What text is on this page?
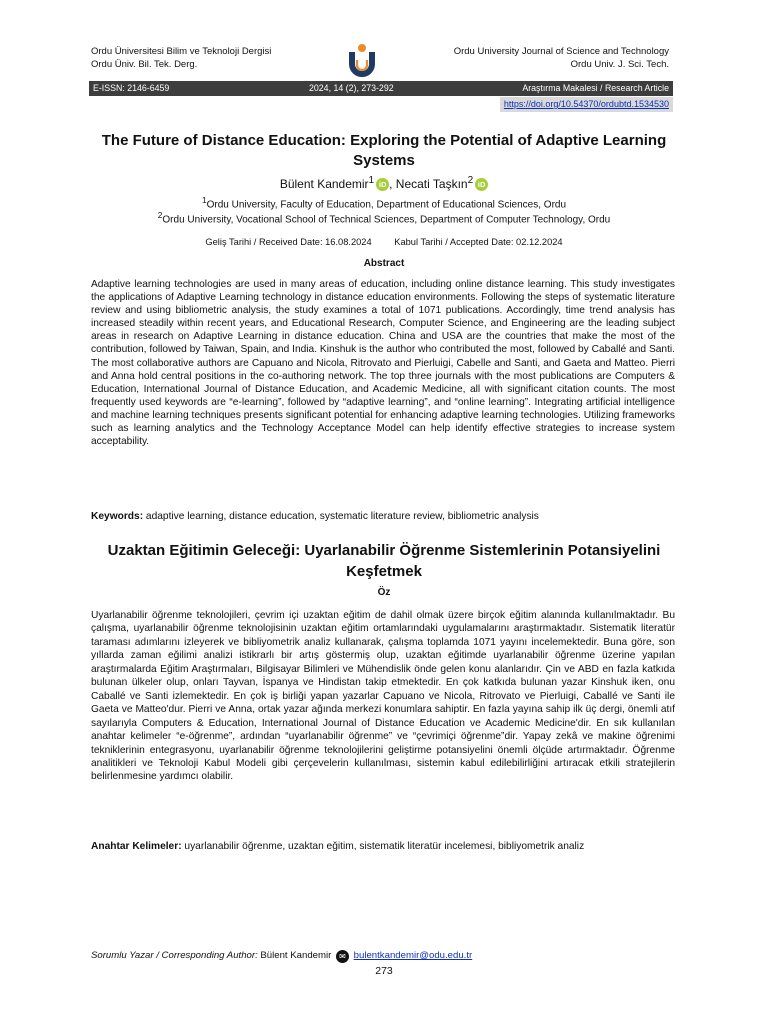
Ordu Üniversitesi Bilim ve Teknoloji Dergisi
Ordu Üniv. Bil. Tek. Derg.
Ordu University Journal of Science and Technology
Ordu Univ. J. Sci. Tech.
E-ISSN: 2146-6459	2024, 14 (2), 273-292	Araştırma Makalesi / Research Article
https://doi.org/10.54370/ordubtd.1534530
The Future of Distance Education: Exploring the Potential of Adaptive Learning Systems
Bülent Kandemir$^1$ iD , Necati Taşkın$^2$ iD
$^1$Ordu University, Faculty of Education, Department of Educational Sciences, Ordu
$^2$Ordu University, Vocational School of Technical Sciences, Department of Computer Technology, Ordu
Geliş Tarihi / Received Date: 16.08.2024 Kabul Tarihi / Accepted Date: 02.12.2024
Abstract
Adaptive learning technologies are used in many areas of education, including online distance learning. This study investigates the applications of Adaptive Learning technology in distance education environments. Following the steps of systematic literature review and using bibliometric analysis, the study examines a total of 1071 publications. Accordingly, time trend analysis has increased steadily within recent years, and Educational Research, Computer Science, and Engineering are the leading subject areas in research on Adaptive Learning in distance education. China and USA are the countries that make the most of the contribution, followed by Taiwan, Spain, and India. Kinshuk is the author who contributed the most, followed by Caballé and Santi. The most collaborative authors are Capuano and Nicola, Ritrovato and Pierluigi, Cabelle and Santi, and Gaeta and Matteo. Pierri and Anna hold central positions in the co-authoring network. The top three journals with the most publications are Computers & Education, International Journal of Distance Education, and Academic Medicine, all with significant citation counts. The most frequently used keywords are “e-learning”, followed by “adaptive learning”, and “online learning”. Integrating artificial intelligence and machine learning techniques presents significant potential for enhancing adaptive learning technologies. Utilizing frameworks such as learning analytics and the Technology Acceptance Model can help identify effective strategies to increase system acceptability.
Keywords: adaptive learning, distance education, systematic literature review, bibliometric analysis
Uzaktan Eğitimin Geleceği: Uyarlanabilir Öğrenme Sistemlerinin Potansiyelini Keşfetmek
Öz
Uyarlanabilir öğrenme teknolojileri, çevrim içi uzaktan eğitim de dahil olmak üzere birçok eğitim alanında kullanılmaktadır. Bu çalışma, uyarlanabilir öğrenme teknolojisinin uzaktan eğitim ortamlarındaki uygulamalarını araştırmaktadır. Sistematik literatür taraması adımlarını izleyerek ve bibliyometrik analiz kullanarak, çalışma toplamda 1071 yayını incelemektedir. Buna göre, son yıllarda zaman eğilimi analizi istikrarlı bir artış göstermiş olup, uzaktan eğitimde uyarlanabilir öğrenme üzerine yapılan araştırmalarda Eğitim Araştırmaları, Bilgisayar Bilimleri ve Mühendislik önde gelen konu alanlarıdır. Çin ve ABD en fazla katkıda bulunan ülkeler olup, onları Tayvan, İspanya ve Hindistan takip etmektedir. En çok katkıda bulunan yazar Kinshuk iken, onu Caballé ve Santi izlemektedir. En çok iş birliği yapan yazarlar Capuano ve Nicola, Ritrovato ve Pierluigi, Caballé ve Santi ile Gaeta ve Matteo'dur. Pierri ve Anna, ortak yazar ağında merkezi konumlara sahiptir. En fazla yayına sahip ilk üç dergi, önemli atıf sayılarıyla Computers & Education, International Journal of Distance Education ve Academic Medicine'dir. En sık kullanılan anahtar kelimeler “e-öğrenme”, ardından “uyarlanabilir öğrenme” ve “çevrimiçi öğrenme”dir. Yapay zekâ ve makine öğrenimi tekniklerinin entegrasyonu, uyarlanabilir öğrenme teknolojilerini geliştirme potansiyelini önemli ölçüde artırmaktadır. Öğrenme analitikleri ve Teknoloji Kabul Modeli gibi çerçevelerin kullanılması, sistemin kabul edilebilirliğini artıracak etkili stratejilerin belirlenmesine yardımcı olabilir.
Anahtar Kelimeler: uyarlanabilir öğrenme, uzaktan eğitim, sistematik literatür incelemesi, bibliyometrik analiz
Sorumlu Yazar / Corresponding Author: Bülent Kandemir ✉ bulentkandemir@odu.edu.tr
273
